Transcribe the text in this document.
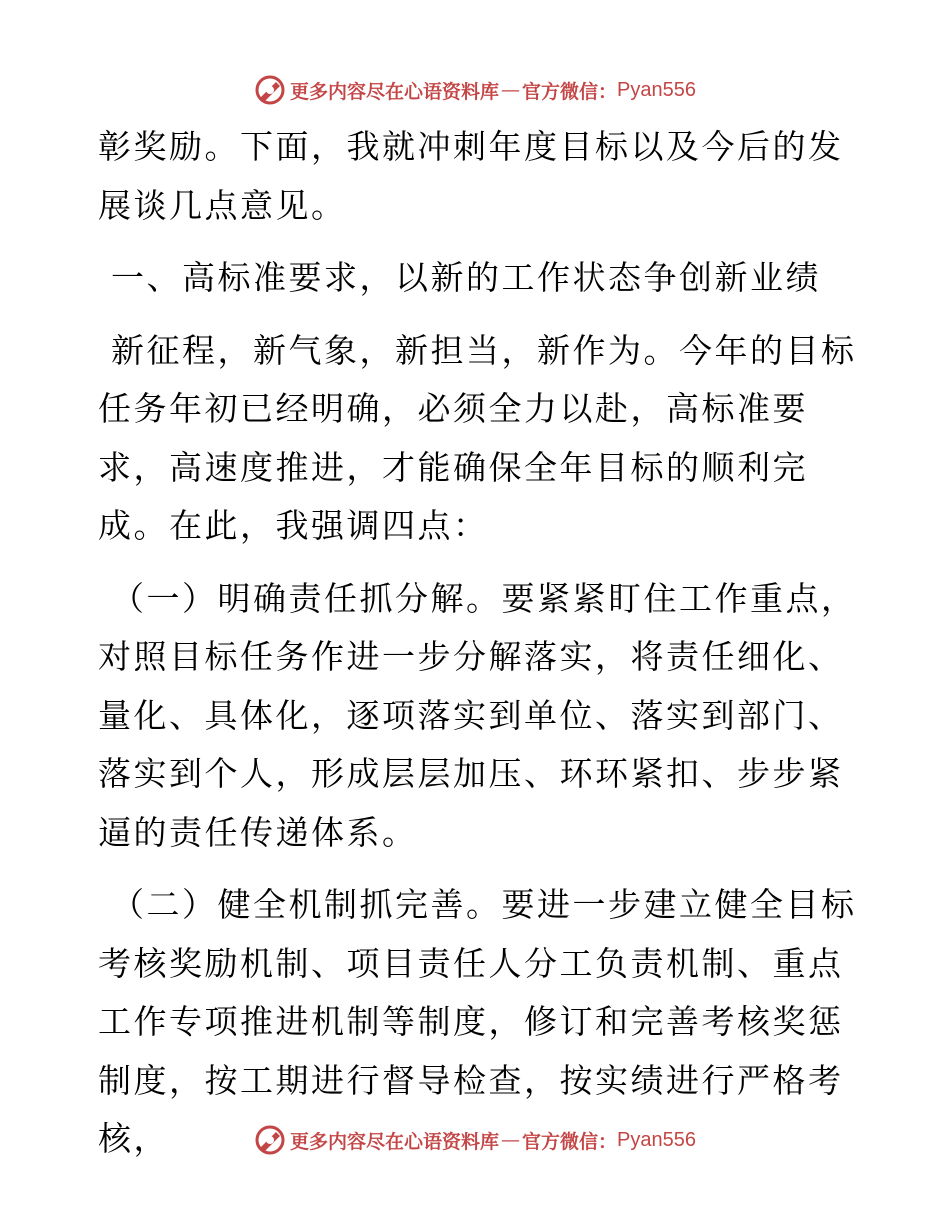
更多内容尽在心语资料库 — 官方微信： Pyan556

彰奖励。下面，我就冲刺年度目标以及今后的发展谈几点意见。

一、高标准要求，以新的工作状态争创新业绩

新征程，新气象，新担当，新作为。今年的目标任务年初已经明确，必须全力以赴，高标准要求，高速度推进，才能确保全年目标的顺利完成。在此，我强调四点：

（一）明确责任抓分解。要紧紧盯住工作重点，对照目标任务作进一步分解落实，将责任细化、量化、具体化，逐项落实到单位、落实到部门、落实到个人，形成层层加压、环环紧扣、步步紧逼的责任传递体系。

（二）健全机制抓完善。要进一步建立健全目标考核奖励机制、项目责任人分工负责机制、重点工作专项推进机制等制度，修订和完善考核奖惩制度，按工期进行督导检查，按实绩进行严格考核，	更多内容尽在心语资料库 — 官方微信： Pyan556
